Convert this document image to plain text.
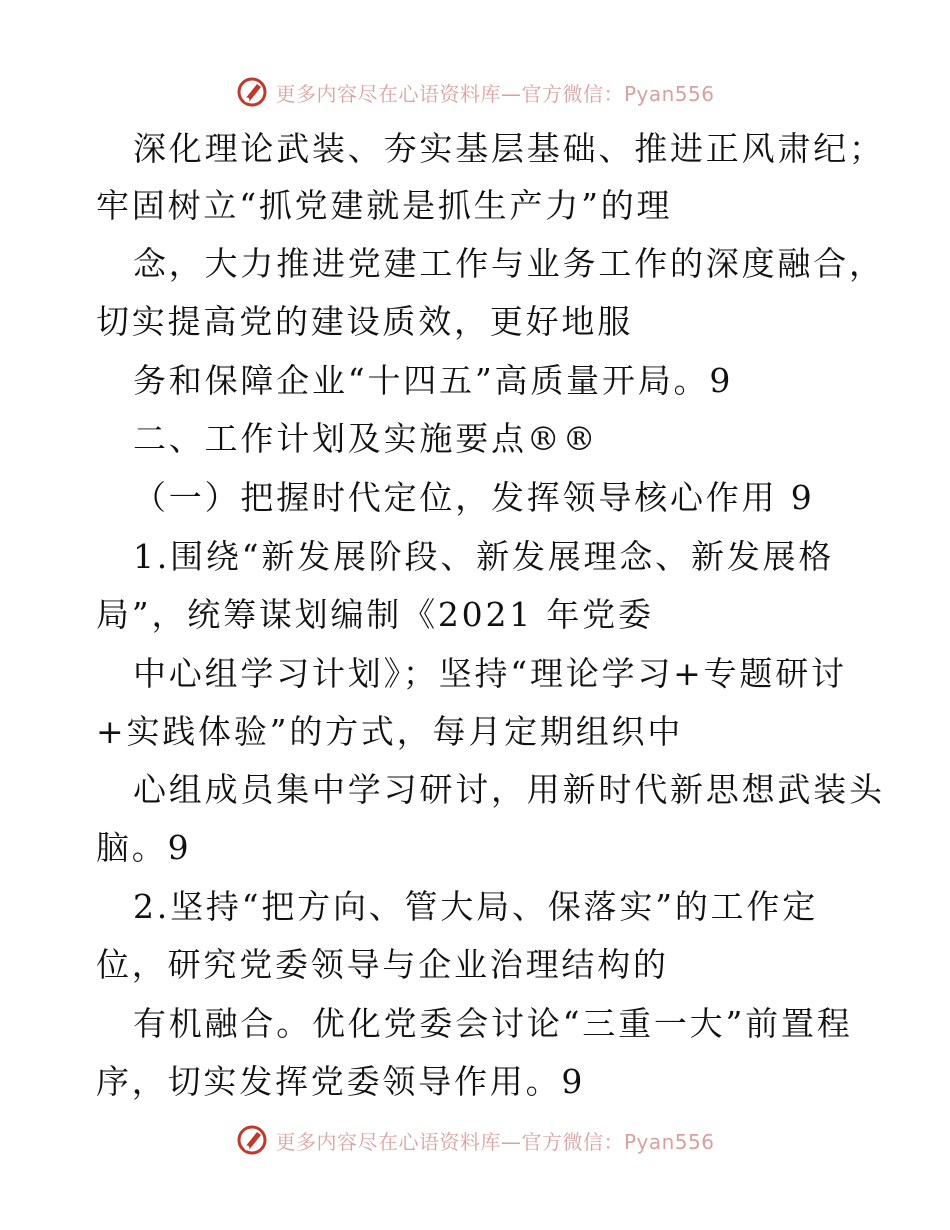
更多内容尽在心语资料库—官方微信：Pyan556
深化理论武装、夯实基层基础、推进正风肃纪；
牢固树立“抓党建就是抓生产力”的理
念，大力推进党建工作与业务工作的深度融合，
切实提高党的建设质效，更好地服
务和保障企业“十四五”高质量开局。9
二、工作计划及实施要点®®
（一）把握时代定位，发挥领导核心作用 9
1.围绕“新发展阶段、新发展理念、新发展格
局”，统筹谋划编制《2021 年党委
中心组学习计划》；坚持“理论学习+专题研讨
+实践体验”的方式，每月定期组织中
心组成员集中学习研讨，用新时代新思想武装头
脑。9
2.坚持“把方向、管大局、保落实”的工作定
位，研究党委领导与企业治理结构的
有机融合。优化党委会讨论“三重一大”前置程
序，切实发挥党委领导作用。9
更多内容尽在心语资料库—官方微信：Pyan556
